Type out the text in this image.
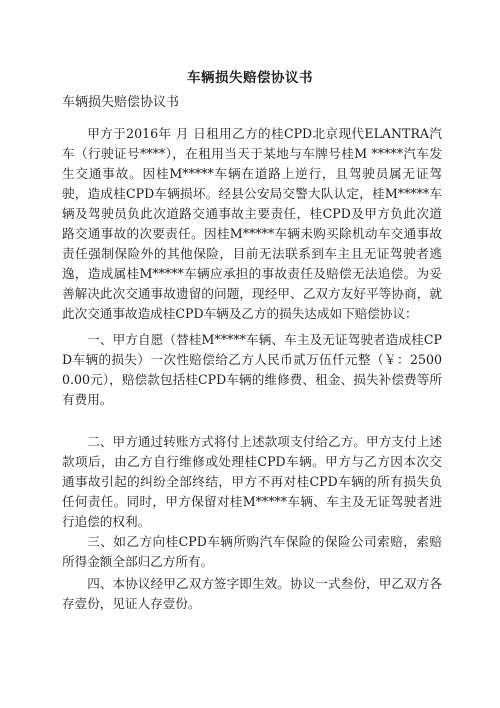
车辆损失赔偿协议书
车辆损失赔偿协议书

甲方于2016年 月 日租用乙方的桂CPD北京现代ELANTRA汽车（行驶证号****），在租用当天于某地与车牌号桂M *****汽车发生交通事故。因桂M*****车辆在道路上逆行，且驾驶员属无证驾驶，造成桂CPD车辆损坏。经县公安局交警大队认定，桂M*****车辆及驾驶员负此次道路交通事故主要责任，桂CPD及甲方负此次道路交通事故的次要责任。因桂M*****车辆未购买除机动车交通事故责任强制保险外的其他保险，目前无法联系到车主且无证驾驶者逃逸，造成属桂M*****车辆应承担的事故责任及赔偿无法追偿。为妥善解决此次交通事故遗留的问题，现经甲、乙双方友好平等协商，就此次交通事故造成桂CPD车辆及乙方的损失达成如下赔偿协议：

一、甲方自愿（替桂M*****车辆、车主及无证驾驶者造成桂CPD车辆的损失）一次性赔偿给乙方人民币贰万伍仟元整（￥：25000.00元），赔偿款包括桂CPD车辆的维修费、租金、损失补偿费等所有费用。

二、甲方通过转账方式将付上述款项支付给乙方。甲方支付上述款项后，由乙方自行维修或处理桂CPD车辆。甲方与乙方因本次交通事故引起的纠纷全部终结，甲方不再对桂CPD车辆的所有损失负任何责任。同时，甲方保留对桂M*****车辆、车主及无证驾驶者进行追偿的权利。

三、如乙方向桂CPD车辆所购汽车保险的保险公司索赔，索赔所得金额全部归乙方所有。

四、本协议经甲乙双方签字即生效。协议一式叁份，甲乙双方各存壹份，见证人存壹份。
